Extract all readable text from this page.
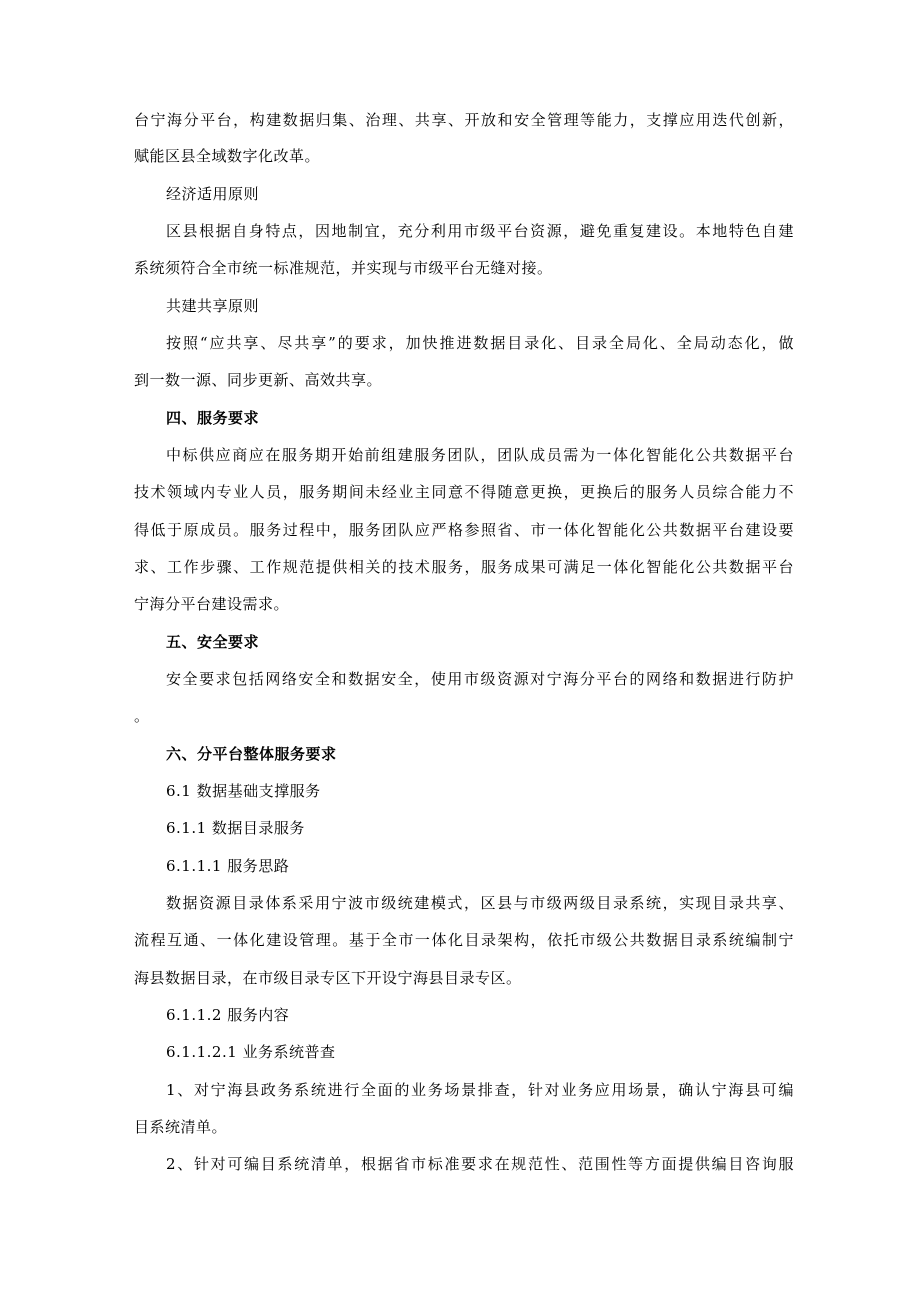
台宁海分平台，构建数据归集、治理、共享、开放和安全管理等能力，支撑应用迭代创新，
赋能区县全域数字化改革。
经济适用原则
区县根据自身特点，因地制宜，充分利用市级平台资源，避免重复建设。本地特色自建
系统须符合全市统一标准规范，并实现与市级平台无缝对接。
共建共享原则
按照“应共享、尽共享”的要求，加快推进数据目录化、目录全局化、全局动态化，做
到一数一源、同步更新、高效共享。
四、服务要求
中标供应商应在服务期开始前组建服务团队，团队成员需为一体化智能化公共数据平台
技术领域内专业人员，服务期间未经业主同意不得随意更换，更换后的服务人员综合能力不
得低于原成员。服务过程中，服务团队应严格参照省、市一体化智能化公共数据平台建设要
求、工作步骤、工作规范提供相关的技术服务，服务成果可满足一体化智能化公共数据平台
宁海分平台建设需求。
五、安全要求
安全要求包括网络安全和数据安全，使用市级资源对宁海分平台的网络和数据进行防护
。
六、分平台整体服务要求
6.1 数据基础支撑服务
6.1.1 数据目录服务
6.1.1.1 服务思路
数据资源目录体系采用宁波市级统建模式，区县与市级两级目录系统，实现目录共享、
流程互通、一体化建设管理。基于全市一体化目录架构，依托市级公共数据目录系统编制宁
海县数据目录，在市级目录专区下开设宁海县目录专区。
6.1.1.2 服务内容
6.1.1.2.1 业务系统普查
1、对宁海县政务系统进行全面的业务场景排查，针对业务应用场景，确认宁海县可编
目系统清单。
2、针对可编目系统清单，根据省市标准要求在规范性、范围性等方面提供编目咨询服
